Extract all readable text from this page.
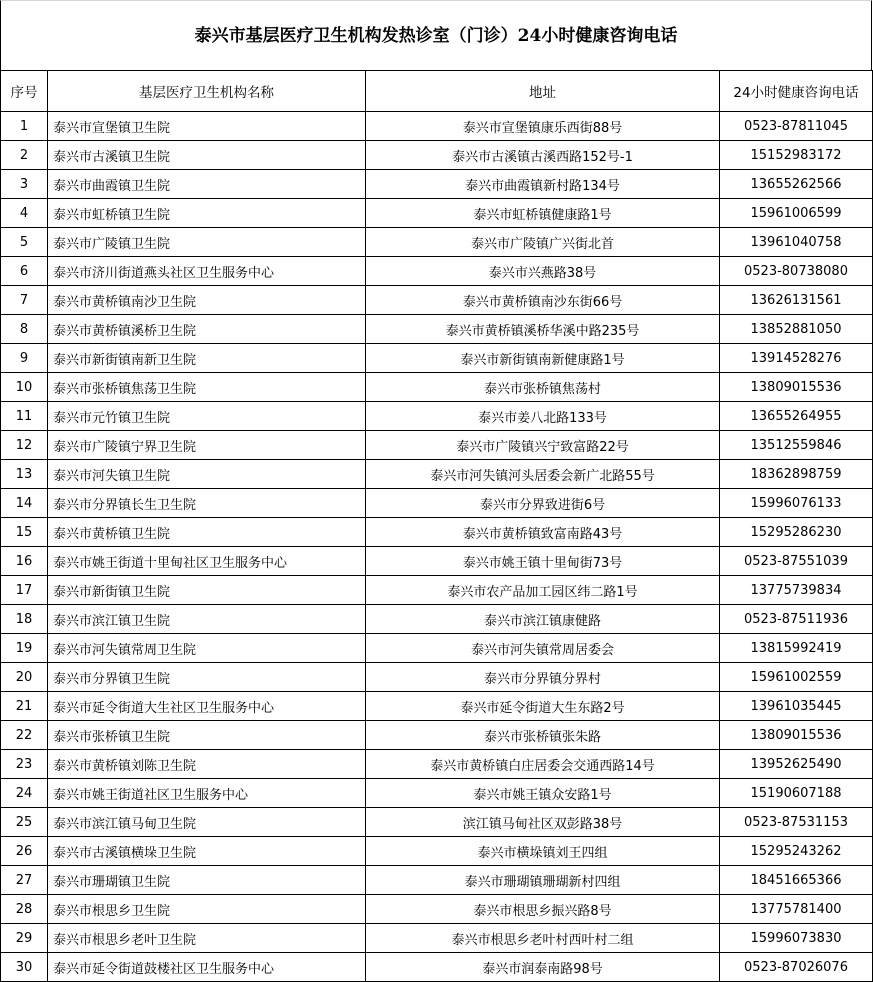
泰兴市基层医疗卫生机构发热诊室（门诊）24小时健康咨询电话
序号	基层医疗卫生机构名称	地址	24小时健康咨询电话
1	泰兴市宣堡镇卫生院	泰兴市宣堡镇康乐西街88号	0523-87811045
2	泰兴市古溪镇卫生院	泰兴市古溪镇古溪西路152号-1	15152983172
3	泰兴市曲霞镇卫生院	泰兴市曲霞镇新村路134号	13655262566
4	泰兴市虹桥镇卫生院	泰兴市虹桥镇健康路1号	15961006599
5	泰兴市广陵镇卫生院	泰兴市广陵镇广兴街北首	13961040758
6	泰兴市济川街道燕头社区卫生服务中心	泰兴市兴燕路38号	0523-80738080
7	泰兴市黄桥镇南沙卫生院	泰兴市黄桥镇南沙东街66号	13626131561
8	泰兴市黄桥镇溪桥卫生院	泰兴市黄桥镇溪桥华溪中路235号	13852881050
9	泰兴市新街镇南新卫生院	泰兴市新街镇南新健康路1号	13914528276
10	泰兴市张桥镇焦荡卫生院	泰兴市张桥镇焦荡村	13809015536
11	泰兴市元竹镇卫生院	泰兴市姜八北路133号	13655264955
12	泰兴市广陵镇宁界卫生院	泰兴市广陵镇兴宁致富路22号	13512559846
13	泰兴市河失镇卫生院	泰兴市河失镇河头居委会新广北路55号	18362898759
14	泰兴市分界镇长生卫生院	泰兴市分界致进街6号	15996076133
15	泰兴市黄桥镇卫生院	泰兴市黄桥镇致富南路43号	15295286230
16	泰兴市姚王街道十里甸社区卫生服务中心	泰兴市姚王镇十里甸街73号	0523-87551039
17	泰兴市新街镇卫生院	泰兴市农产品加工园区纬二路1号	13775739834
18	泰兴市滨江镇卫生院	泰兴市滨江镇康健路	0523-87511936
19	泰兴市河失镇常周卫生院	泰兴市河失镇常周居委会	13815992419
20	泰兴市分界镇卫生院	泰兴市分界镇分界村	15961002559
21	泰兴市延令街道大生社区卫生服务中心	泰兴市延令街道大生东路2号	13961035445
22	泰兴市张桥镇卫生院	泰兴市张桥镇张朱路	13809015536
23	泰兴市黄桥镇刘陈卫生院	泰兴市黄桥镇白庄居委会交通西路14号	13952625490
24	泰兴市姚王街道社区卫生服务中心	泰兴市姚王镇众安路1号	15190607188
25	泰兴市滨江镇马甸卫生院	滨江镇马甸社区双彭路38号	0523-87531153
26	泰兴市古溪镇横垛卫生院	泰兴市横垛镇刘王四组	15295243262
27	泰兴市珊瑚镇卫生院	泰兴市珊瑚镇珊瑚新村四组	18451665366
28	泰兴市根思乡卫生院	泰兴市根思乡振兴路8号	13775781400
29	泰兴市根思乡老叶卫生院	泰兴市根思乡老叶村西叶村二组	15996073830
30	泰兴市延令街道鼓楼社区卫生服务中心	泰兴市润泰南路98号	0523-87026076
